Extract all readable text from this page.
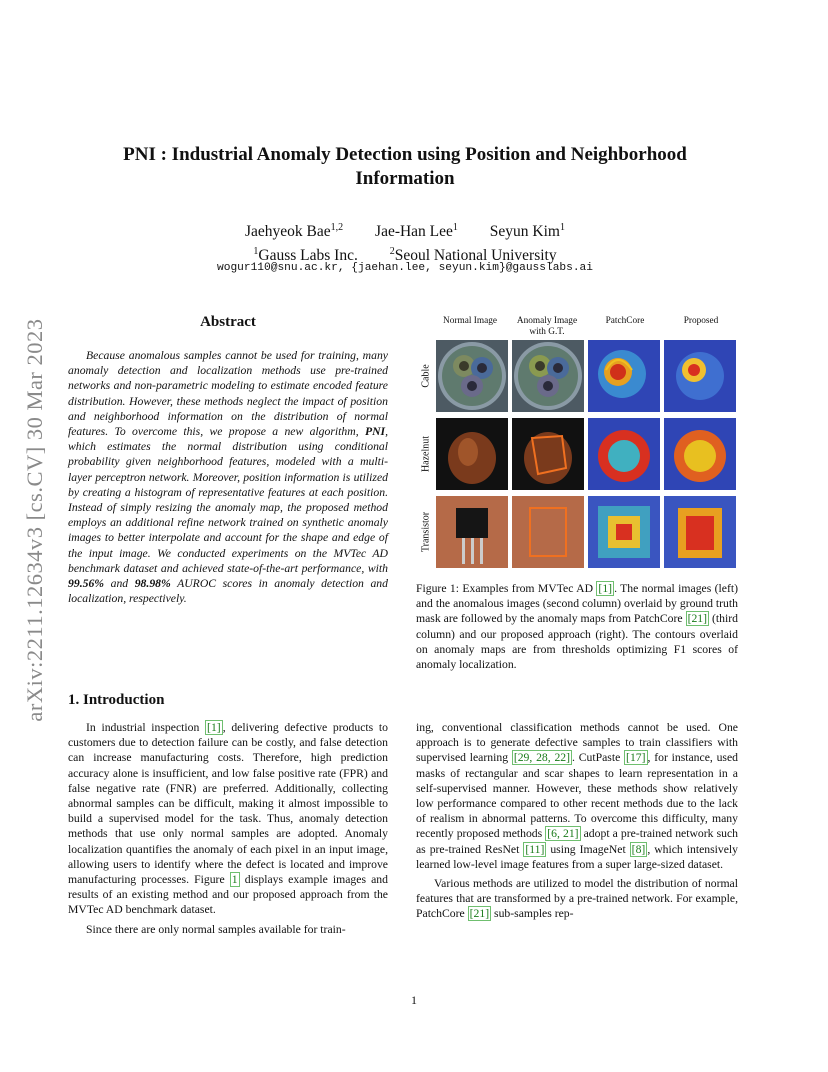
arXiv:2211.12634v3 [cs.CV] 30 Mar 2023
PNI : Industrial Anomaly Detection using Position and Neighborhood Information
Jaehyeok Bae$^{1,2}$ Jae-Han Lee$^1$ Seyun Kim$^1$
$^1$Gauss Labs Inc.	$^2$Seoul National University
wogur110@snu.ac.kr, {jaehan.lee, seyun.kim}@gausslabs.ai
Abstract

Because anomalous samples cannot be used for training, many anomaly detection and localization methods use pre-trained networks and non-parametric modeling to estimate encoded feature distribution. However, these methods neglect the impact of position and neighborhood information on the distribution of normal features. To overcome this, we propose a new algorithm, PNI, which estimates the normal distribution using conditional probability given neighborhood features, modeled with a multi-layer perceptron network. Moreover, position information is utilized by creating a histogram of representative features at each position. Instead of simply resizing the anomaly map, the proposed method employs an additional refine network trained on synthetic anomaly images to better interpolate and account for the shape and edge of the input image. We conducted experiments on the MVTec AD benchmark dataset and achieved state-of-the-art performance, with 99.56% and 98.98% AUROC scores in anomaly detection and localization, respectively.

Normal Image	Anomaly Image with G.T.
PatchCore	Proposed
Cable
Hazelnut
Transistor
Figure 1: Examples from MVTec AD [1] . The normal images (left) and the anomalous images (second column) overlaid by ground truth mask are followed by the anomaly maps from PatchCore [21] (third column) and our proposed approach (right). The contours overlaid on anomaly maps are from thresholds optimizing F1 scores of anomaly localization.
1. Introduction

In industrial inspection [1] , delivering defective products to customers due to detection failure can be costly, and false detection can increase manufacturing costs. Therefore, high prediction accuracy alone is insufficient, and low false positive rate (FPR) and false negative rate (FNR) are preferred. Additionally, collecting abnormal samples can be difficult, making it almost impossible to build a supervised model for the task. Thus, anomaly detection methods that use only normal samples are adopted. Anomaly localization quantifies the anomaly of each pixel in an input image, allowing users to identify where the defect is located and improve manufacturing processes. Figure 1 displays example images and results of an existing method and our proposed approach from the MVTec AD benchmark dataset.

Since there are only normal samples available for train-

ing, conventional classification methods cannot be used. One approach is to generate defective samples to train classifiers with supervised learning [29, 28, 22] . CutPaste [17] , for instance, used masks of rectangular and scar shapes to learn representation in a self-supervised manner. However, these methods show relatively low performance compared to other recent methods due to the lack of realism in abnormal patterns. To overcome this difficulty, many recently proposed methods [6, 21] adopt a pre-trained network such as pre-trained ResNet [11] using ImageNet [8] , which intensively learned low-level image features from a super large-sized dataset.

Various methods are utilized to model the distribution of normal features that are transformed by a pre-trained network. For example, PatchCore [21] sub-samples rep-

1
